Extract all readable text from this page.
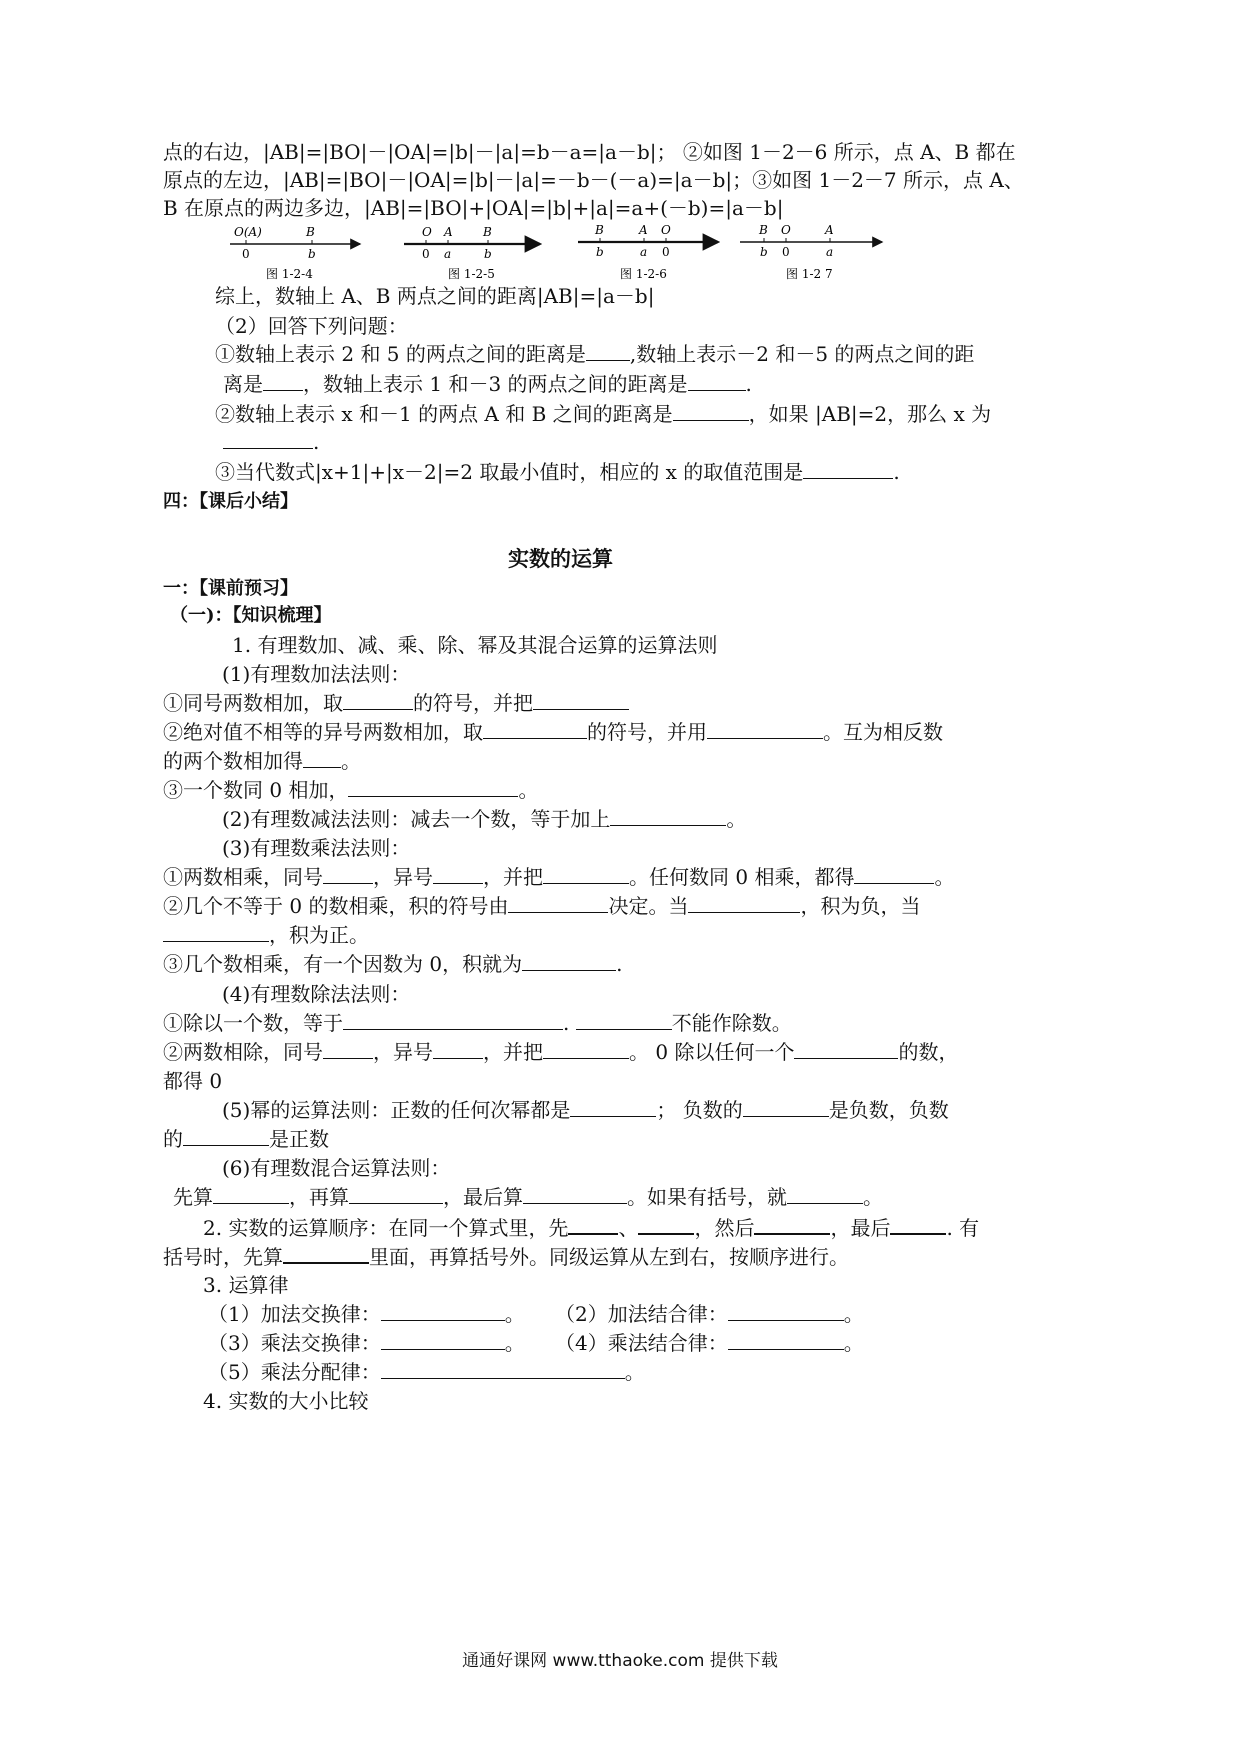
点的右边，|AB|=|BO|－|OA|=|b|－|a|=b－a=|a－b|； ②如图 1－2－6 所示，点 A、B 都在
原点的左边，|AB|=|BO|－|OA|=|b|－|a|=－b－(－a)=|a－b|；③如图 1－2－7 所示，点 A、
B 在原点的两边多边，|AB|=|BO|+|OA|=|b|+|a|=a+(－b)=|a－b|
O(A)	B
0	b
图 1-2-4
O A	B
0 a	b
图 1-2-5
B	A O
b	a 0
图 1-2-6
B O	A
b 0	a
图 1-2 7
综上，数轴上 A、B 两点之间的距离|AB|=|a－b|
（2）回答下列问题：
①数轴上表示 2 和 5 的两点之间的距离是 ,数轴上表示－2 和－5 的两点之间的距
离是 ，数轴上表示 1 和－3 的两点之间的距离是	.
②数轴上表示 x 和－1 的两点 A 和 B 之间的距离是	，如果 |AB|=2，那么 x 为
.
③当代数式|x+1|+|x－2|=2 取最小值时，相应的 x 的取值范围是	.
四：【课后小结】
实数的运算
一：【课前预习】
（一)：【知识梳理】
1. 有理数加、减、乘、除、幂及其混合运算的运算法则
(1)有理数加法法则：
①同号两数相加，取	的符号，并把
②绝对值不相等的异号两数相加，取	的符号，并用	。互为相反数
的两个数相加得 。
③一个数同 0 相加，	。
(2)有理数减法法则：减去一个数，等于加上	。
(3)有理数乘法法则：
①两数相乘，同号	，异号	，并把	。任何数同 0 相乘，都得	。
②几个不等于 0 的数相乘，积的符号由	决定。当	，积为负，当
，积为正。
③几个数相乘，有一个因数为 0，积就为	.
(4)有理数除法法则：
①除以一个数，等于	.	不能作除数。
②两数相除，同号	，异号	，并把	。 0 除以任何一个	的数，
都得 0
(5)幂的运算法则：正数的任何次幂都是	； 负数的	是负数，负数
的	是正数
(6)有理数混合运算法则：
先算	，再算	，最后算	。如果有括号，就	。
2. 实数的运算顺序：在同一个算式里，先	、	，然后	，最后	. 有
括号时，先算	里面，再算括号外。同级运算从左到右，按顺序进行。
3. 运算律
（1）加法交换律：	。 （2）加法结合律：	。
（3）乘法交换律：	。 （4）乘法结合律：	。
（5）乘法分配律：	。
4. 实数的大小比较
通通好课网 www.tthaoke.com 提供下载
